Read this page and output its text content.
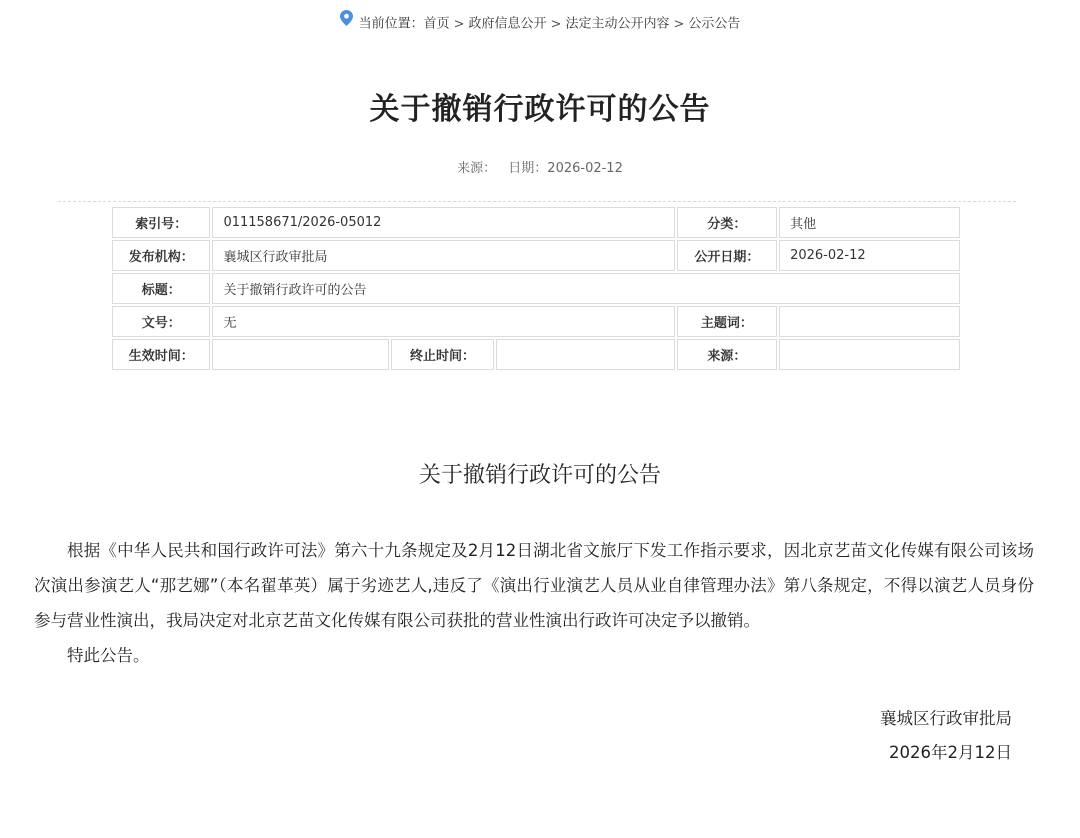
当前位置：首页 > 政府信息公开 > 法定主动公开内容 > 公示公告
关于撤销行政许可的公告
来源： 日期：2026-02-12
索引号：	011158671/2026-05012			分类：	其他
发布机构：	襄城区行政审批局			公开日期：	2026-02-12
标题：	关于撤销行政许可的公告				
文号：	无			主题词：	
生效时间：		终止时间：		来源：	
关于撤销行政许可的公告

根据《中华人民共和国行政许可法》第六十九条规定及2月12日湖北省文旅厅下发工作指示要求，因北京艺苗文化传媒有限公司该场次演出参演艺人“那艺娜”（本名翟革英）属于劣迹艺人,违反了《演出行业演艺人员从业自律管理办法》第八条规定，不得以演艺人员身份参与营业性演出，我局决定对北京艺苗文化传媒有限公司获批的营业性演出行政许可决定予以撤销。

特此公告。
襄城区行政审批局
2026年2月12日
